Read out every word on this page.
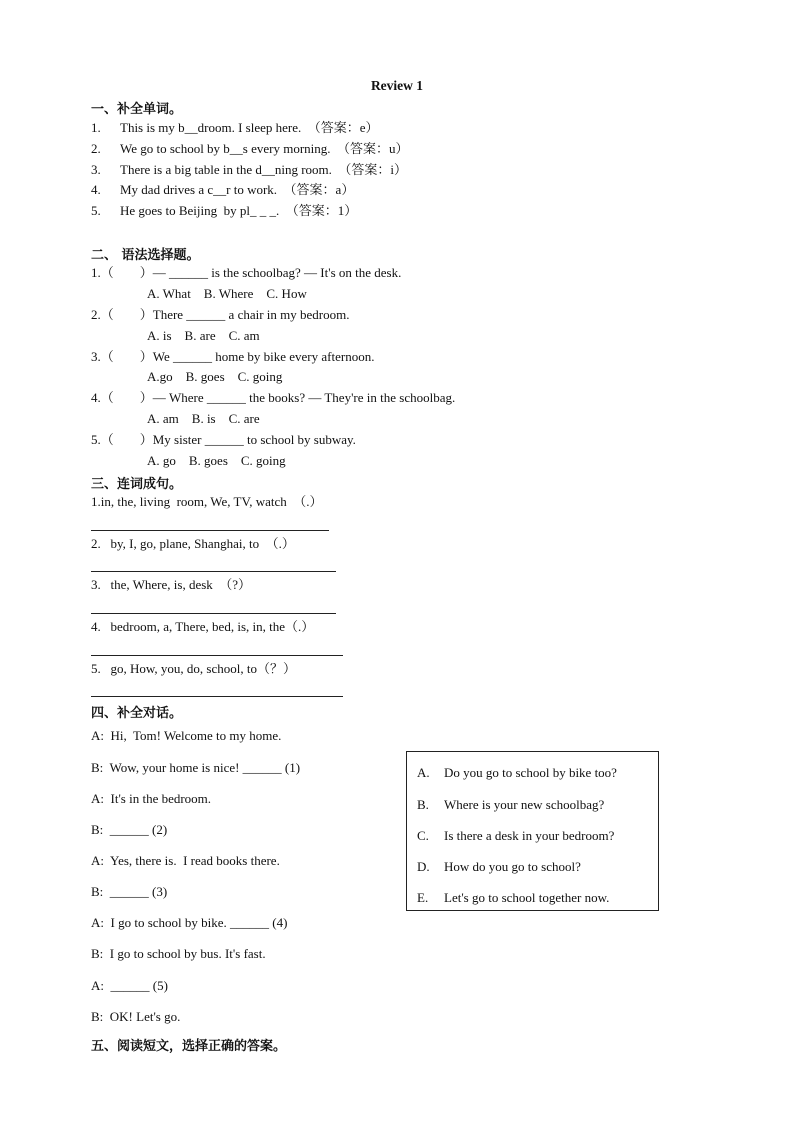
Review 1
一、补全单词。
1. This is my b__droom. I sleep here.  （答案：e）
2. We go to school by b__s every morning.  （答案：u）
3. There is a big table in the d__ning room.  （答案：i）
4. My dad drives a c__r to work.  （答案：a）
5. He goes to Beijing  by pl_ _ _.  （答案：1）
二、 语法选择题。
1.（        ）— ______ is the schoolbag? — It's on the desk.
A. What    B. Where    C. How
2.（        ）There ______ a chair in my bedroom.
A. is    B. are    C. am
3.（        ）We ______ home by bike every afternoon.
A.go    B. goes    C. going
4.（        ）— Where ______ the books? — They're in the schoolbag.
A. am    B. is    C. are
5.（        ）My sister ______ to school by subway.
A. go    B. goes    C. going
三、连词成句。
1.in, the, living  room, We, TV, watch  （.）
2.   by, I, go, plane, Shanghai, to  （.）
3.   the, Where, is, desk  （?）
4.   bedroom, a, There, bed, is, in, the（.）
5.   go, How, you, do, school, to（？）
四、补全对话。
A:  Hi,  Tom! Welcome to my home.
B:  Wow, your home is nice! ______ (1)
A:  It's in the bedroom.
B:  ______ (2)
A:  Yes, there is.  I read books there.
B:  ______ (3)
A:  I go to school by bike. ______ (4)
B:  I go to school by bus. It's fast.
A:  ______ (5)
B:  OK! Let's go.
A. Do you go to school by bike too?
B. Where is your new schoolbag?
C. Is there a desk in your bedroom?
D. How do you go to school?
E. Let's go to school together now.
五、阅读短文，选择正确的答案。
